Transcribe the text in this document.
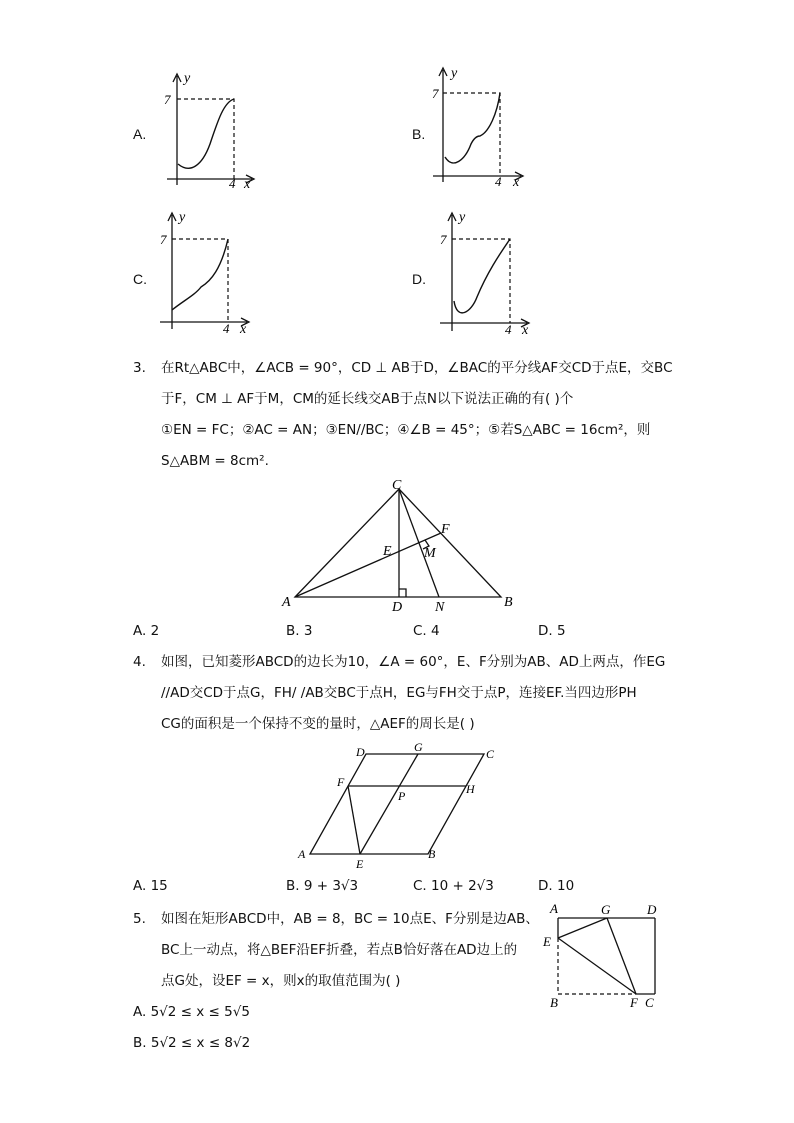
A.
7
4 x
y
B.
7
4 x
y
C.
7
4 x
y
D.
7
4 x
y
3. 在Rt△ABC中，∠ACB = 90°，CD ⊥ AB于D，∠BAC的平分线AF交CD于点E，交BC
于F，CM ⊥ AF于M，CM的延长线交AB于点N以下说法正确的有( )个
①EN = FC；②AC = AN；③EN//BC；④∠B = 45°；⑤若S△ABC = 16cm²，则
S△ABM = 8cm².
C
F
E M
A	D N	B
A. 2	B. 3	C. 4	D. 5
4. 如图，已知菱形ABCD的边长为10，∠A = 60°，E、F分别为AB、AD上两点，作EG
//AD交CD于点G，FH/ /AB交BC于点H，EG与FH交于点P，连接EF.当四边形PH
CG的面积是一个保持不变的量时，△AEF的周长是( )
D	G	C
F
P	H
A
E
B
A. 15	B. 9 + 3√3	C. 10 + 2√3	D. 10
5. 如图在矩形ABCD中，AB = 8，BC = 10点E、F分别是边AB、
BC上一动点，将△BEF沿EF折叠，若点B恰好落在AD边上的
点G处，设EF = x，则x的取值范围为( )
A	G	D
E
B	F C
A. 5√2 ≤ x ≤ 5√5
B. 5√2 ≤ x ≤ 8√2
